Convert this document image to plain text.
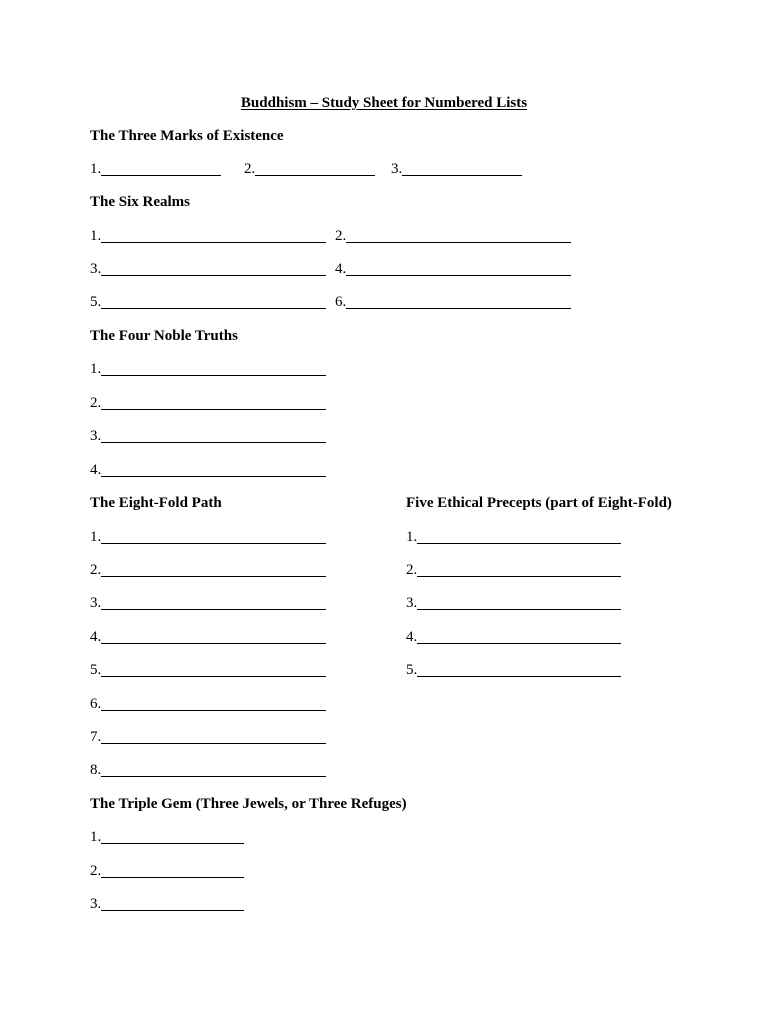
Buddhism – Study Sheet for Numbered Lists
The Three Marks of Existence
1.	2.	3.
The Six Realms
1.	2.
3.	4.
5.	6.
The Four Noble Truths
1.
2.
3.
4.
The Eight-Fold Path
1.
2.
3.
4.
5.
6.
7.
8.
Five Ethical Precepts (part of Eight-Fold)
1.
2.
3.
4.
5.
The Triple Gem (Three Jewels, or Three Refuges)
1.
2.
3.
